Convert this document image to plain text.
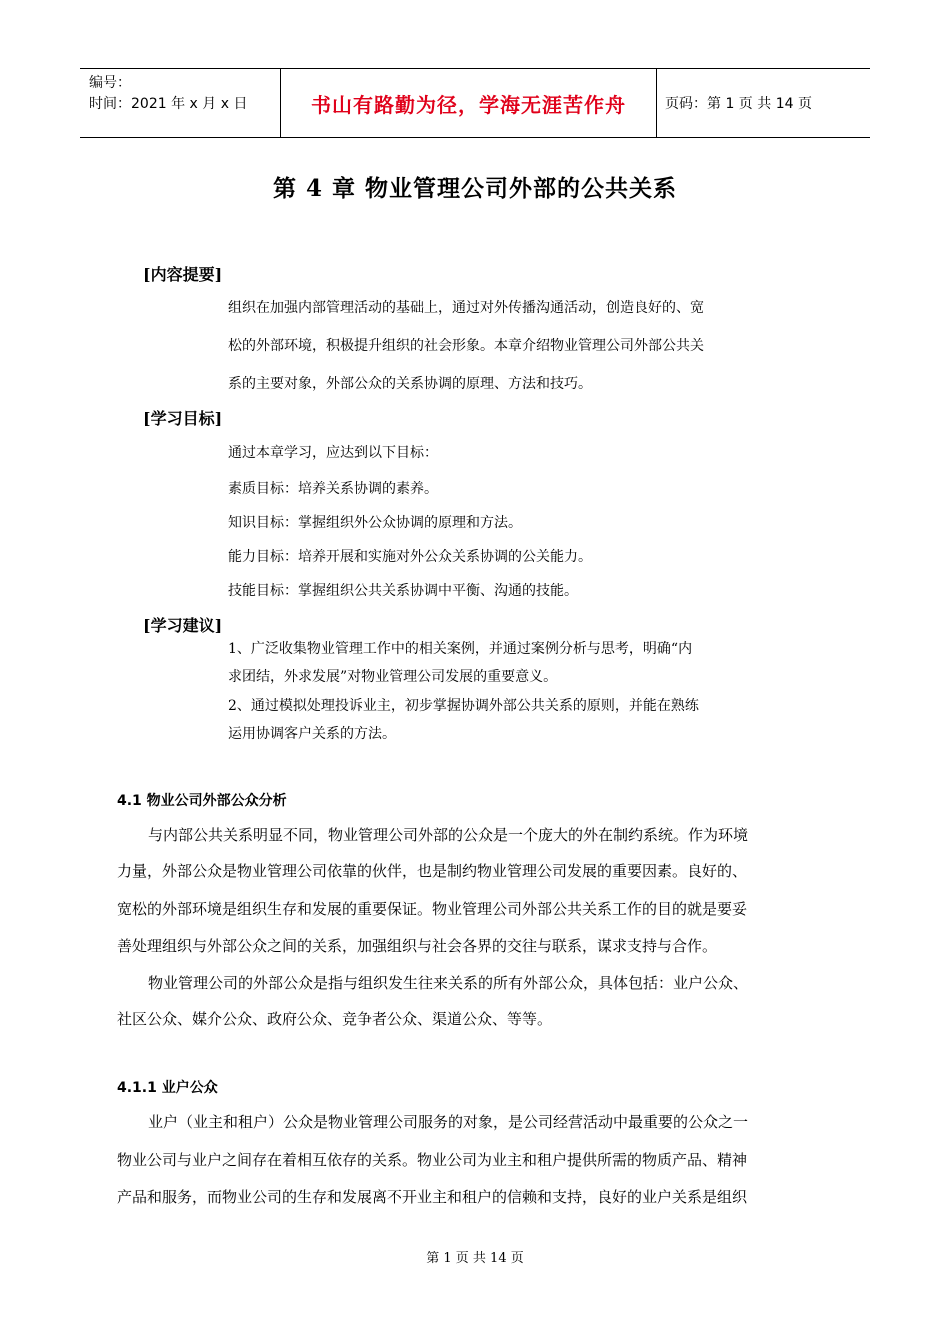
编号：
时间：2021 年 x 月 x 日	书山有路勤为径，学海无涯苦作舟	页码：第 1 页 共 14 页
第 4 章 物业管理公司外部的公共关系
[内容提要]
组织在加强内部管理活动的基础上，通过对外传播沟通活动，创造良好的、宽
松的外部环境，积极提升组织的社会形象。本章介绍物业管理公司外部公共关
系的主要对象，外部公众的关系协调的原理、方法和技巧。
[学习目标]
通过本章学习，应达到以下目标：
素质目标：培养关系协调的素养。
知识目标：掌握组织外公众协调的原理和方法。
能力目标：培养开展和实施对外公众关系协调的公关能力。
技能目标：掌握组织公共关系协调中平衡、沟通的技能。
[学习建议]
1、广泛收集物业管理工作中的相关案例，并通过案例分析与思考，明确“内
求团结，外求发展”对物业管理公司发展的重要意义。
2、通过模拟处理投诉业主，初步掌握协调外部公共关系的原则，并能在熟练
运用协调客户关系的方法。
4.1 物业公司外部公众分析
与内部公共关系明显不同，物业管理公司外部的公众是一个庞大的外在制约系统。作为环境
力量，外部公众是物业管理公司依靠的伙伴，也是制约物业管理公司发展的重要因素。良好的、
宽松的外部环境是组织生存和发展的重要保证。物业管理公司外部公共关系工作的目的就是要妥
善处理组织与外部公众之间的关系，加强组织与社会各界的交往与联系，谋求支持与合作。
物业管理公司的外部公众是指与组织发生往来关系的所有外部公众，具体包括：业户公众、
社区公众、媒介公众、政府公众、竞争者公众、渠道公众、等等。
4.1.1 业户公众
业户（业主和租户）公众是物业管理公司服务的对象，是公司经营活动中最重要的公众之一
物业公司与业户之间存在着相互依存的关系。物业公司为业主和租户提供所需的物质产品、精神
产品和服务，而物业公司的生存和发展离不开业主和租户的信赖和支持，良好的业户关系是组织
第 1 页 共 14 页
